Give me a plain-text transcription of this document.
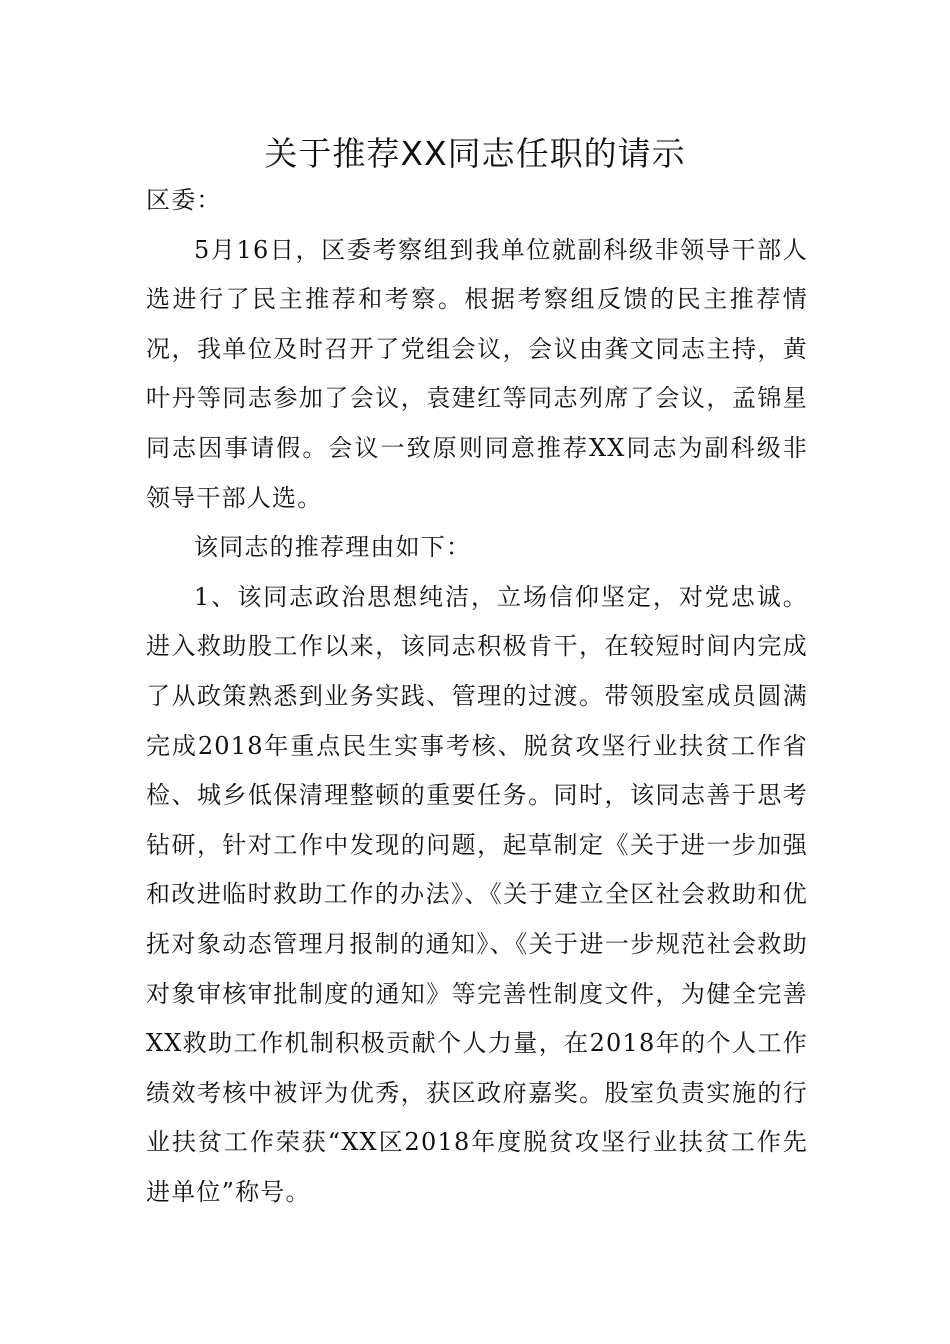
关于推荐XX同志任职的请示

区委：

5月16日，区委考察组到我单位就副科级非领导干部人选进行了民主推荐和考察。根据考察组反馈的民主推荐情况，我单位及时召开了党组会议，会议由龚文同志主持，黄叶丹等同志参加了会议，袁建红等同志列席了会议，孟锦星同志因事请假。会议一致原则同意推荐XX同志为副科级非领导干部人选。

该同志的推荐理由如下：

1、该同志政治思想纯洁，立场信仰坚定，对党忠诚。进入救助股工作以来，该同志积极肯干，在较短时间内完成了从政策熟悉到业务实践、管理的过渡。带领股室成员圆满完成2018年重点民生实事考核、脱贫攻坚行业扶贫工作省检、城乡低保清理整顿的重要任务。同时，该同志善于思考钻研，针对工作中发现的问题，起草制定《关于进一步加强和改进临时救助工作的办法》、《关于建立全区社会救助和优抚对象动态管理月报制的通知》、《关于进一步规范社会救助对象审核审批制度的通知》等完善性制度文件，为健全完善XX救助工作机制积极贡献个人力量，在2018年的个人工作绩效考核中被评为优秀，获区政府嘉奖。股室负责实施的行业扶贫工作荣获“XX区2018年度脱贫攻坚行业扶贫工作先进单位”称号。
